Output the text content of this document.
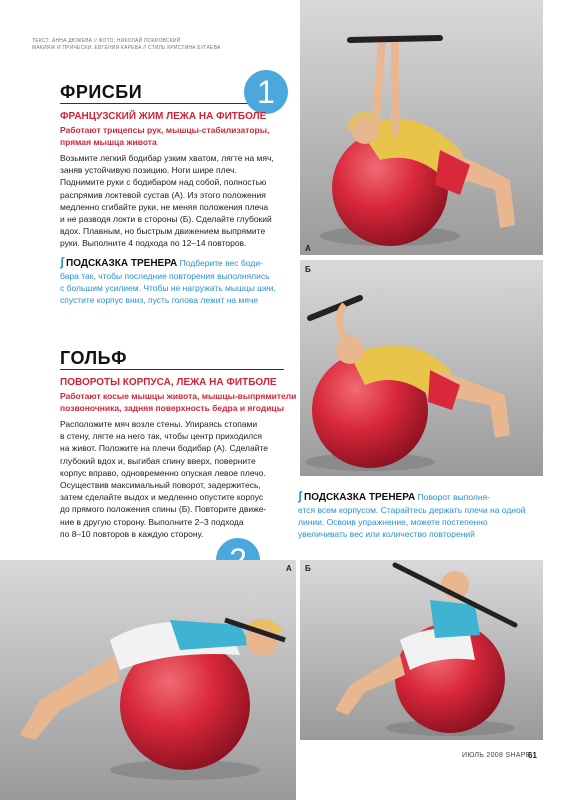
ТЕКСТ: АННА ДЮЖЕВА // ФОТО: НИКОЛАЙ ПОКРОВСКИЙ
МАКИЯЖ И ПРИЧЕСКИ: ЕВГЕНИЯ КАРЕВА // СТИЛЬ КРИСТИНА БУГАЕВА
ФРИСБИ	1
ФРАНЦУЗСКИЙ ЖИМ ЛЕЖА НА ФИТБОЛЕ
Работают трицепсы рук, мышцы-стабилизаторы,
прямая мышца живота
Возьмите легкий бодибар узким хватом, лягте на мяч,
заняв устойчивую позицию. Ноги шире плеч.
Поднимите руки с бодибаром над собой, полностью
распрямив локтевой сустав (А). Из этого положения
медленно сгибайте руки, не меняя положения плеча
и не разводя локти в стороны (Б). Сделайте глубокий
вдох. Плавным, но быстрым движением выпрямите
руки. Выполните 4 подхода по 12–14 повторов.
ʃ ПОДСКАЗКА ТРЕНЕРА Подберите вес боди-
бара так, чтобы последние повторения выполнялись
с большим усилием. Чтобы не нагружать мышцы шеи,
спустите корпус вниз, пусть голова лежит на мяче
ГОЛЬФ
ПОВОРОТЫ КОРПУСА, ЛЕЖА НА ФИТБОЛЕ
Работают косые мышцы живота, мышцы-выпрямители
позвоночника, задняя поверхность бедра и ягодицы
Расположите мяч возле стены. Упираясь стопами
в стену, лягте на него так, чтобы центр приходился
на живот. Положите на плечи бодибар (А). Сделайте
глубокий вдох и, выгибая спину вверх, поверните
корпус вправо, одновременно опуская левое плечо.
Осуществив максимальный поворот, задержитесь,
затем сделайте выдох и медленно опустите корпус
до прямого положения спины (Б). Повторите движе-
ние в другую сторону. Выполните 2–3 подхода
по 8–10 повторов в каждую сторону.
ʃ ПОДСКАЗКА ТРЕНЕРА Поворот выполня-
ется всем корпусом. Старайтесь держать плечи на одной
линии. Освоив упражнение, можете постепенно
увеличивать вес или количество повторений
А
Б
А Б
ИЮЛЬ 2008 SHAPE
61
